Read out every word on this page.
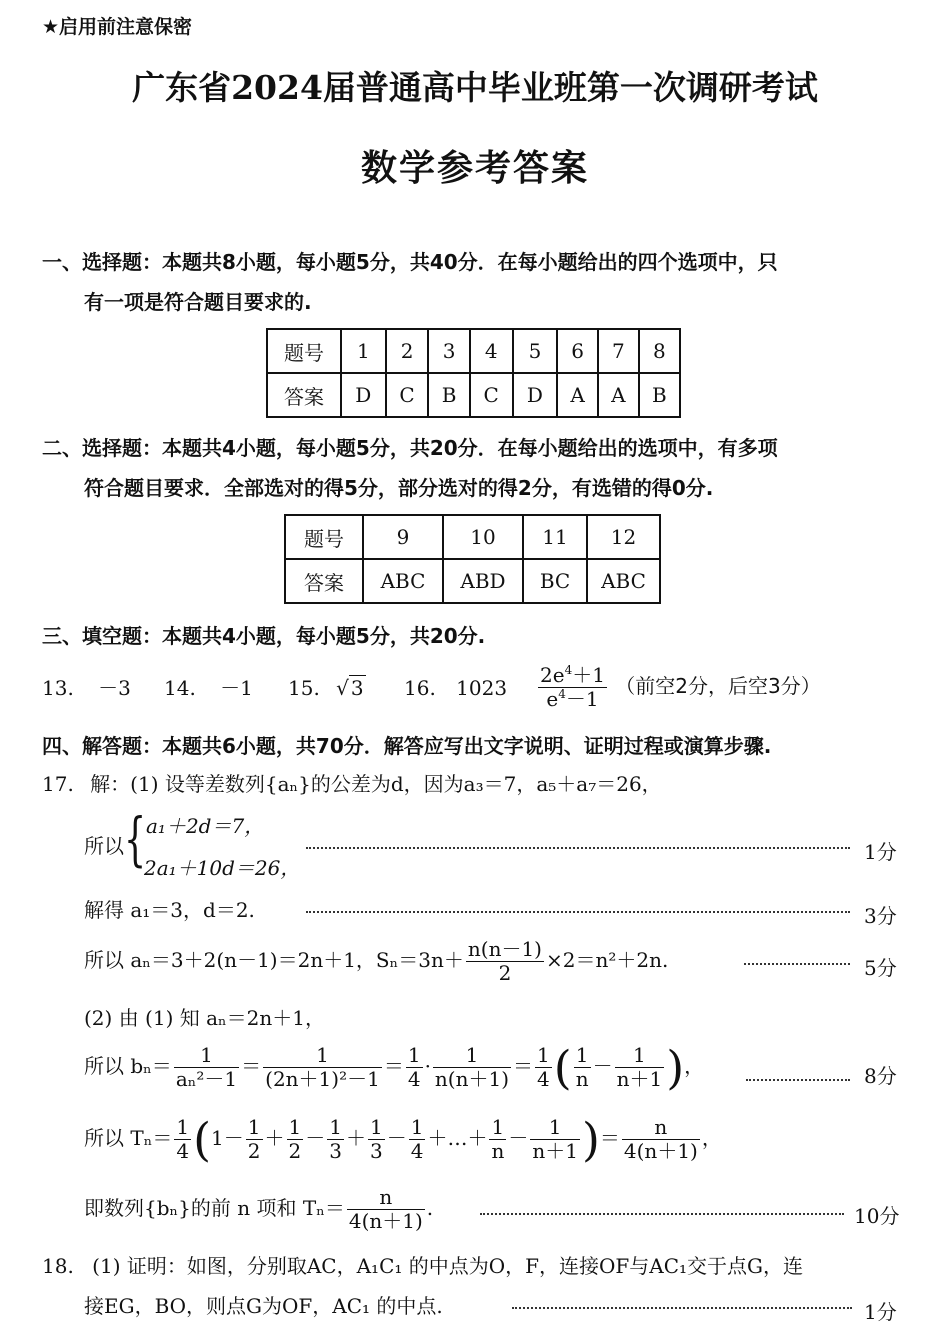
★启用前注意保密
广东省2024届普通高中毕业班第一次调研考试
数学参考答案
一、选择题：本题共8小题，每小题5分，共40分．在每小题给出的四个选项中，只
有一项是符合题目要求的.
题号	1	2	3	4	5	6	7	8
答案	D	C	B	C	D	A	A	B
二、选择题：本题共4小题，每小题5分，共20分．在每小题给出的选项中，有多项
符合题目要求．全部选对的得5分，部分选对的得2分，有选错的得0分.
题号	9	10	11	12
答案	ABC	ABD	BC	ABC
三、填空题：本题共4小题，每小题5分，共20分.
13. －3 14. －1 15. √ 3 16. $1023 \frac{2e^4+1}{e^4-1}$ （前空2分，后空3分）
四、解答题：本题共6小题，共70分．解答应写出文字说明、证明过程或演算步骤.
17. 解：(1) 设等差数列{aₙ}的公差为d，因为a₃＝7，a₅＋a₇＝26，
所以 { a₁＋2d＝7，
2a₁＋10d＝26，
1分
解得 a₁＝3，d＝2.	3分
所以 aₙ＝3＋2(n－1)＝2n＋1，$S_n=3n+ \frac{n(n-1)}{2} \times 2=n^2+2n$.	5分
(2) 由 (1) 知 aₙ＝2n＋1，
所以 $b_n= \frac{1}{\text{aₙ²－1}} = \frac{1}{\text{(2n＋1)²－1}} = \frac{1}{4} \cdot \frac{1}{n(n+1)} = \frac{1}{4}$ ( $\frac{1}{n} - \frac{1}{n+1}$ )，	8分
所以 $T_n= \frac{1}{4} (1- \frac{1}{2} + \frac{1}{2} - \frac{1}{3} + \frac{1}{3} - \frac{1}{4}$ ＋…＋ $\frac{1}{n} - \frac{1}{n+1}$ )＝ $\frac{n}{4(n+1)}$ ，
即数列{bₙ}的前 n 项和 $T_n= \frac{n}{4(n+1)}$ .	10分
18. (1) 证明：如图，分别取AC，A₁C₁ 的中点为O，F，连接OF与AC₁交于点G，连
接EG，BO，则点G为OF，AC₁ 的中点.	1分
